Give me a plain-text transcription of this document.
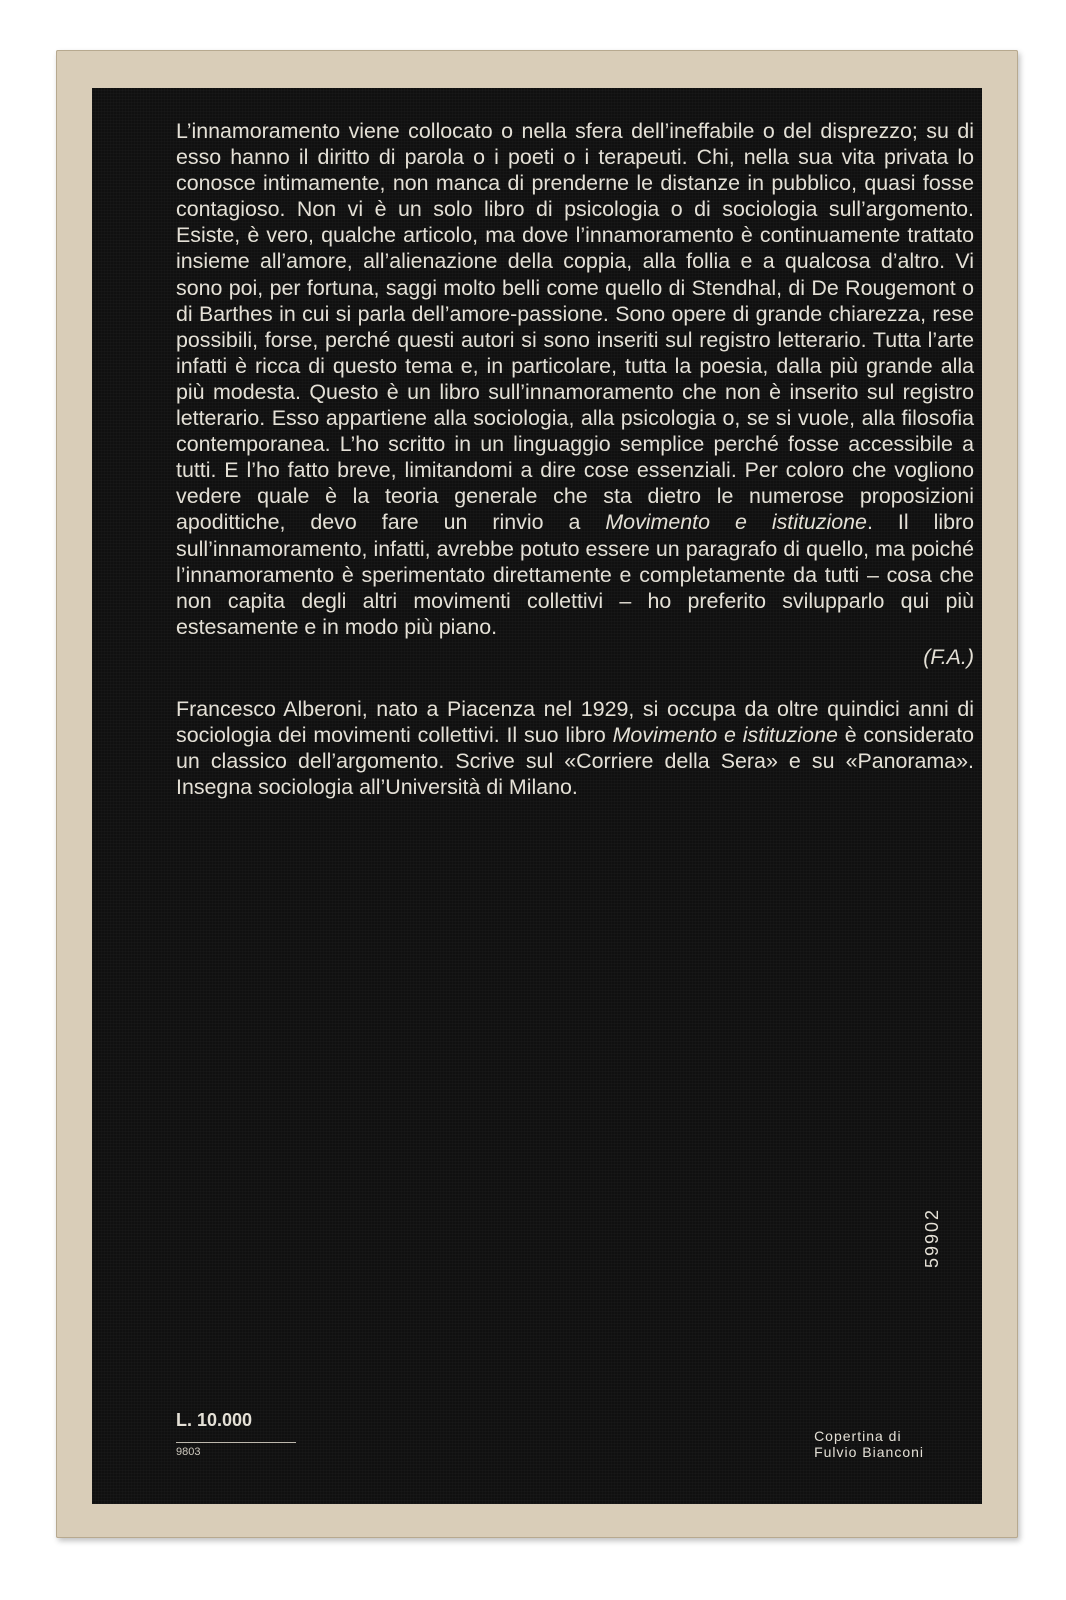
L’innamoramento viene collocato o nella sfera dell’ineffabile o del disprezzo; su di esso hanno il diritto di parola o i poeti o i terapeuti. Chi, nella sua vita privata lo conosce intimamente, non manca di prenderne le distanze in pubblico, quasi fosse contagioso. Non vi è un solo libro di psicologia o di sociologia sull’argomento. Esiste, è vero, qualche articolo, ma dove l’innamoramento è continuamente trattato insieme all’amore, all’alienazione della coppia, alla follia e a qualcosa d’altro. Vi sono poi, per fortuna, saggi molto belli come quello di Stendhal, di De Rougemont o di Barthes in cui si parla dell’amore-passione. Sono opere di grande chiarezza, rese possibili, forse, perché questi autori si sono inseriti sul registro letterario. Tutta l’arte infatti è ricca di questo tema e, in particolare, tutta la poesia, dalla più grande alla più modesta. Questo è un libro sull’innamoramento che non è inserito sul registro letterario. Esso appartiene alla sociologia, alla psicologia o, se si vuole, alla filosofia contemporanea. L’ho scritto in un linguaggio semplice perché fosse accessibile a tutti. E l’ho fatto breve, limitandomi a dire cose essenziali. Per coloro che vogliono vedere quale è la teoria generale che sta dietro le numerose proposizioni apodittiche, devo fare un rinvio a Movimento e istituzione. Il libro sull’innamoramento, infatti, avrebbe potuto essere un paragrafo di quello, ma poiché l’innamoramento è sperimentato direttamente e completamente da tutti – cosa che non capita degli altri movimenti collettivi – ho preferito svilupparlo qui più estesamente e in modo più piano.

(F.A.)

Francesco Alberoni, nato a Piacenza nel 1929, si occupa da oltre quindici anni di sociologia dei movimenti collettivi. Il suo libro Movimento e istituzione è considerato un classico dell’argomento. Scrive sul «Corriere della Sera» e su «Panorama». Insegna sociologia all’Università di Milano.

59902
L. 10.000
9803
Copertina di
Fulvio Bianconi
